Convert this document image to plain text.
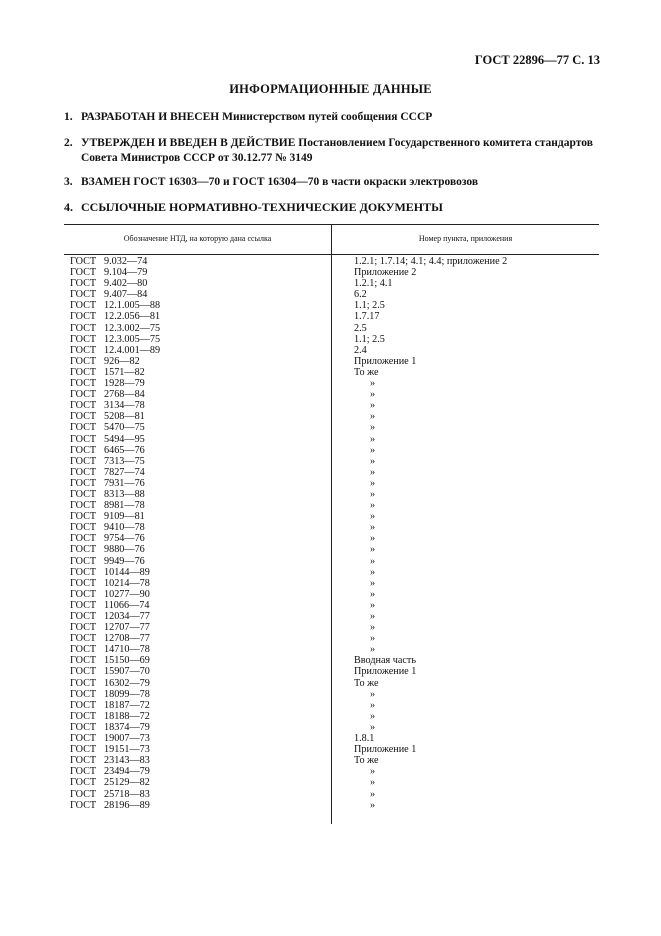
ГОСТ 22896—77 С. 13
ИНФОРМАЦИОННЫЕ ДАННЫЕ
1. РАЗРАБОТАН И ВНЕСЕН Министерством путей сообщения СССР
2. УТВЕРЖДЕН И ВВЕДЕН В ДЕЙСТВИЕ Постановлением Государственного комитета стандартов
Совета Министров СССР от 30.12.77 № 3149
3. ВЗАМЕН ГОСТ 16303—70 и ГОСТ 16304—70 в части окраски электровозов
4. ССЫЛОЧНЫЕ НОРМАТИВНО-ТЕХНИЧЕСКИЕ ДОКУМЕНТЫ
Обозначение НТД, на которую дана ссылка	Номер пункта, приложения
ГОСТ 9.032—74	1.2.1; 1.7.14; 4.1; 4.4; приложение 2
ГОСТ 9.104—79	Приложение 2
ГОСТ 9.402—80	1.2.1; 4.1
ГОСТ 9.407—84	6.2
ГОСТ 12.1.005—88	1.1; 2.5
ГОСТ 12.2.056—81	1.7.17
ГОСТ 12.3.002—75	2.5
ГОСТ 12.3.005—75	1.1; 2.5
ГОСТ 12.4.001—89	2.4
ГОСТ 926—82	Приложение 1
ГОСТ 1571—82	То же
ГОСТ 1928—79	»
ГОСТ 2768—84	»
ГОСТ 3134—78	»
ГОСТ 5208—81	»
ГОСТ 5470—75	»
ГОСТ 5494—95	»
ГОСТ 6465—76	»
ГОСТ 7313—75	»
ГОСТ 7827—74	»
ГОСТ 7931—76	»
ГОСТ 8313—88	»
ГОСТ 8981—78	»
ГОСТ 9109—81	»
ГОСТ 9410—78	»
ГОСТ 9754—76	»
ГОСТ 9880—76	»
ГОСТ 9949—76	»
ГОСТ 10144—89	»
ГОСТ 10214—78	»
ГОСТ 10277—90	»
ГОСТ 11066—74	»
ГОСТ 12034—77	»
ГОСТ 12707—77	»
ГОСТ 12708—77	»
ГОСТ 14710—78	»
ГОСТ 15150—69	Вводная часть
ГОСТ 15907—70	Приложение 1
ГОСТ 16302—79	То же
ГОСТ 18099—78	»
ГОСТ 18187—72	»
ГОСТ 18188—72	»
ГОСТ 18374—79	»
ГОСТ 19007—73	1.8.1
ГОСТ 19151—73	Приложение 1
ГОСТ 23143—83	То же
ГОСТ 23494—79	»
ГОСТ 25129—82	»
ГОСТ 25718—83	»
ГОСТ 28196—89	»
